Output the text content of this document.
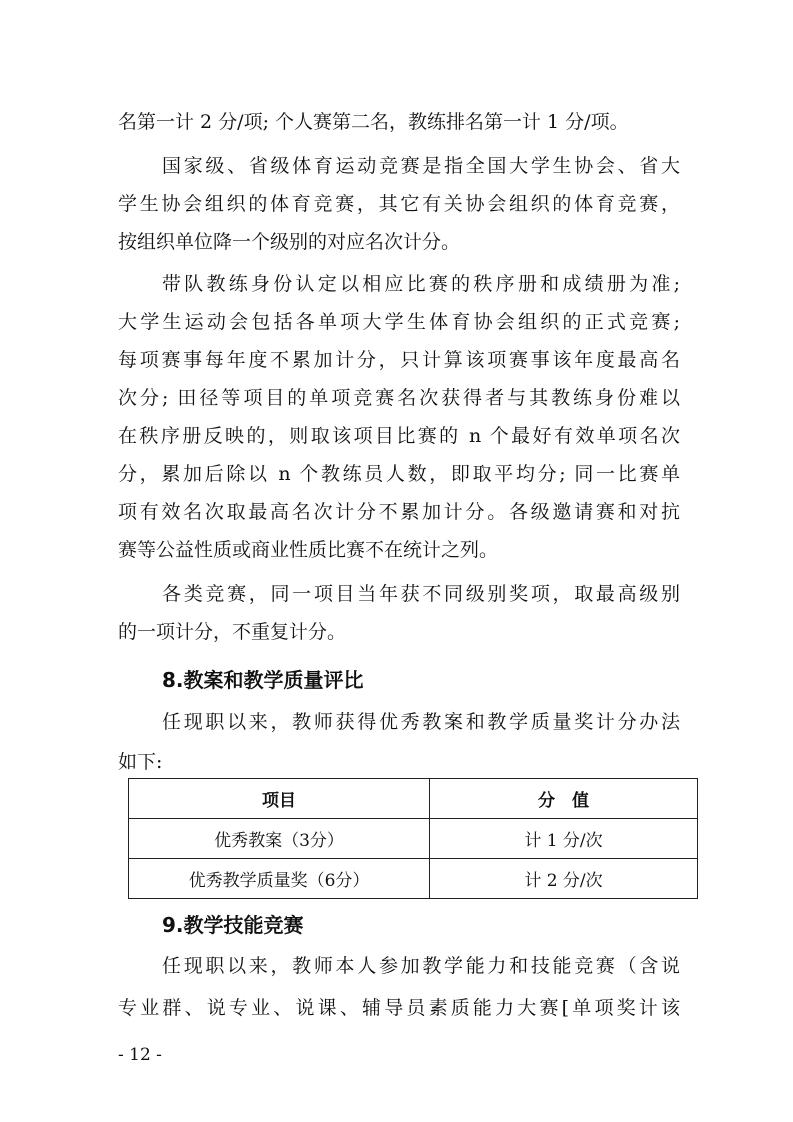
名第一计 2 分/项; 个人赛第二名，教练排名第一计 1 分/项。
国家级、省级体育运动竞赛是指全国大学生协会、省大
学生协会组织的体育竞赛，其它有关协会组织的体育竞赛，
按组织单位降一个级别的对应名次计分。
带队教练身份认定以相应比赛的秩序册和成绩册为准;
大学生运动会包括各单项大学生体育协会组织的正式竞赛;
每项赛事每年度不累加计分，只计算该项赛事该年度最高名
次分; 田径等项目的单项竞赛名次获得者与其教练身份难以
在秩序册反映的，则取该项目比赛的 n 个最好有效单项名次
分，累加后除以 n 个教练员人数，即取平均分; 同一比赛单
项有效名次取最高名次计分不累加计分。各级邀请赛和对抗
赛等公益性质或商业性质比赛不在统计之列。
各类竞赛，同一项目当年获不同级别奖项，取最高级别
的一项计分，不重复计分。
8.教案和教学质量评比
任现职以来，教师获得优秀教案和教学质量奖计分办法
如下:
项目	分　值
优秀教案（3分）	计 1 分/次
优秀教学质量奖（6分）	计 2 分/次
9.教学技能竞赛
任现职以来，教师本人参加教学能力和技能竞赛（含说
专业群、说专业、说课、辅导员素质能力大赛[单项奖计该
- 12 -
